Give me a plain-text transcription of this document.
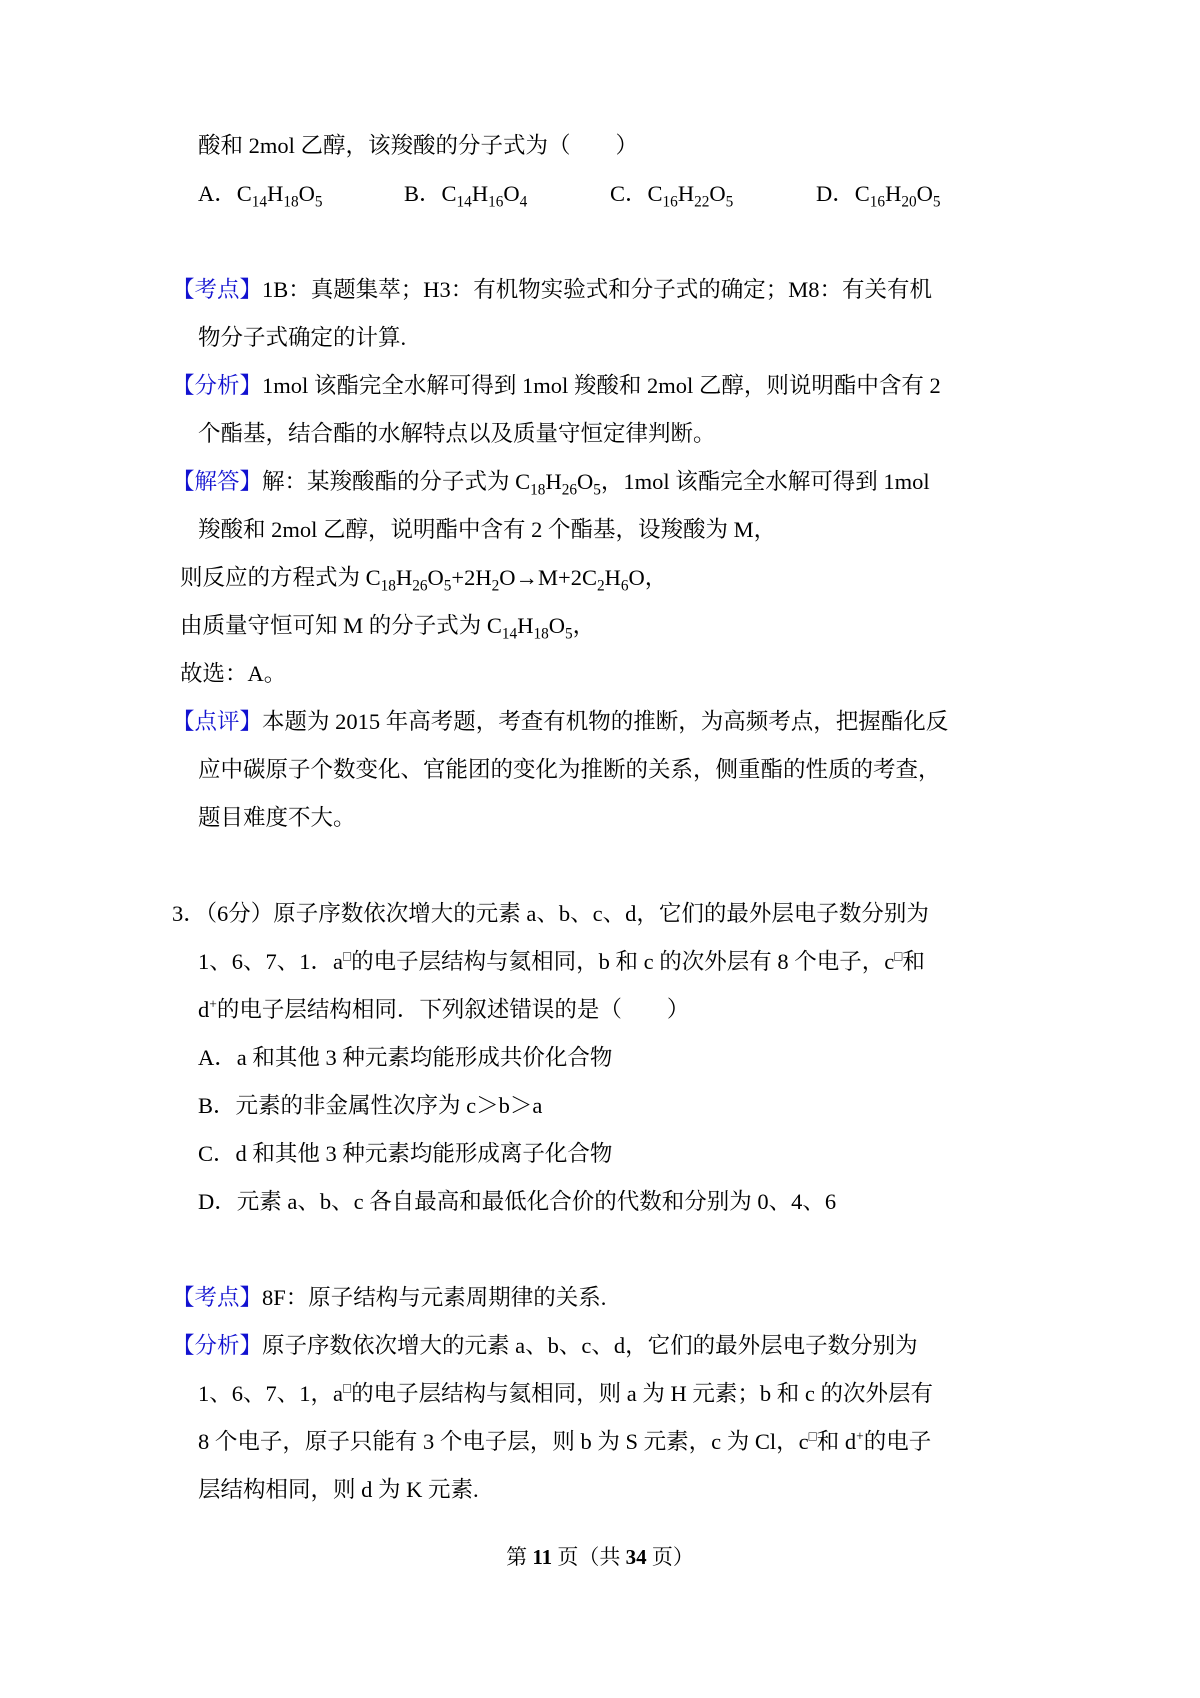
酸和 2mol 乙醇，该羧酸的分子式为（　　）
A．$C_{14}H_{18}O_5$	B．$C_{14}H_{16}O_4$	C．$C_{16}H_{22}O_5$	D．$C_{16}H_{20}O_5$
【考点】1B：真题集萃；H3：有机物实验式和分子式的确定；M8：有关有机
物分子式确定的计算.
【分析】1mol 该酯完全水解可得到 1mol 羧酸和 2mol 乙醇，则说明酯中含有 2
个酯基，结合酯的水解特点以及质量守恒定律判断。
【解答】解：某羧酸酯的分子式为 $C_{18}H_{26}O_5$，1mol 该酯完全水解可得到 1mol
羧酸和 2mol 乙醇，说明酯中含有 2 个酯基，设羧酸为 M，
则反应的方程式为 $C_{18}H_{26}O_5+2H_2O\to M+2C_2H_6O$，
由质量守恒可知 M 的分子式为 $C_{14}H_{18}O_5$，
故选：A。
【点评】本题为 2015 年高考题，考查有机物的推断，为高频考点，把握酯化反
应中碳原子个数变化、官能团的变化为推断的关系，侧重酯的性质的考查，
题目难度不大。
3．（6分）原子序数依次增大的元素 a、b、c、d，它们的最外层电子数分别为
1、6、7、1．a□的电子层结构与氦相同，b 和 c 的次外层有 8 个电子，c□和
d+的电子层结构相同．下列叙述错误的是（　　）
A．a 和其他 3 种元素均能形成共价化合物
B．元素的非金属性次序为 c＞b＞a
C．d 和其他 3 种元素均能形成离子化合物
D．元素 a、b、c 各自最高和最低化合价的代数和分别为 0、4、6
【考点】8F：原子结构与元素周期律的关系.
【分析】原子序数依次增大的元素 a、b、c、d，它们的最外层电子数分别为
1、6、7、1，a□的电子层结构与氦相同，则 a 为 H 元素；b 和 c 的次外层有
8 个电子，原子只能有 3 个电子层，则 b 为 S 元素，c 为 Cl，c□和 d+的电子
层结构相同，则 d 为 K 元素.
第 11 页（共 34 页）
